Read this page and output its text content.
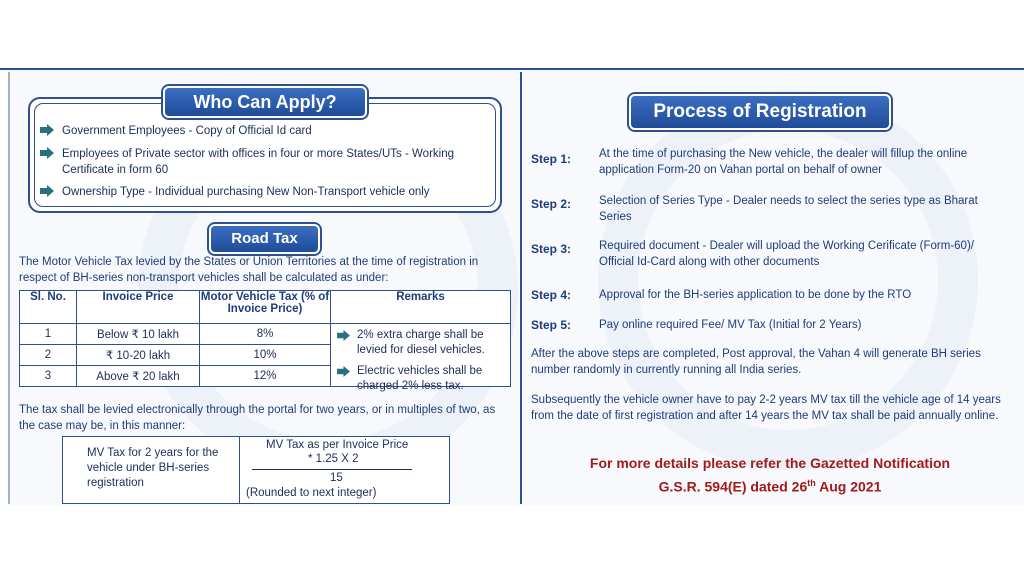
Who Can Apply?
Government Employees - Copy of Official Id card
Employees of Private sector with offices in four or more States/UTs - Working Certificate in form 60
Ownership Type - Individual purchasing New Non-Transport vehicle only
Road Tax
The Motor Vehicle Tax levied by the States or Union Territories at the time of registration in respect of BH-series non-transport vehicles shall be calculated as under:
Sl. No.	Invoice Price	Motor Vehicle Tax (% of Invoice Price)	Remarks
1	Below ₹ 10 lakh	8%	2% extra charge shall be levied for diesel vehicles.
Electric vehicles shall be charged 2% less tax.

2	₹ 10-20 lakh	10%	
3	Above ₹ 20 lakh	12%	
The tax shall be levied electronically through the portal for two years, or in multiples of two, as the case may be, in this manner:
MV Tax for 2 years for the vehicle under BH-series registration

MV Tax as per Invoice Price
* 1.25 X 2
15
(Rounded to next integer)
Process of Registration
Step 1: At the time of purchasing the New vehicle, the dealer will fillup the online application Form-20 on Vahan portal on behalf of owner
Step 2: Selection of Series Type - Dealer needs to select the series type as Bharat Series
Step 3: Required document - Dealer will upload the Working Cerificate (Form-60)/ Official Id-Card along with other documents
Step 4: Approval for the BH-series application to be done by the RTO
Step 5: Pay online required Fee/ MV Tax (Initial for 2 Years)
After the above steps are completed, Post approval, the Vahan 4 will generate BH series number randomly in currently running all India series.
Subsequently the vehicle owner have to pay 2-2 years MV tax till the vehicle age of 14 years from the date of first registration and after 14 years the MV tax shall be paid annually online.
For more details please refer the Gazetted Notification
G.S.R. 594(E) dated 26th Aug 2021
